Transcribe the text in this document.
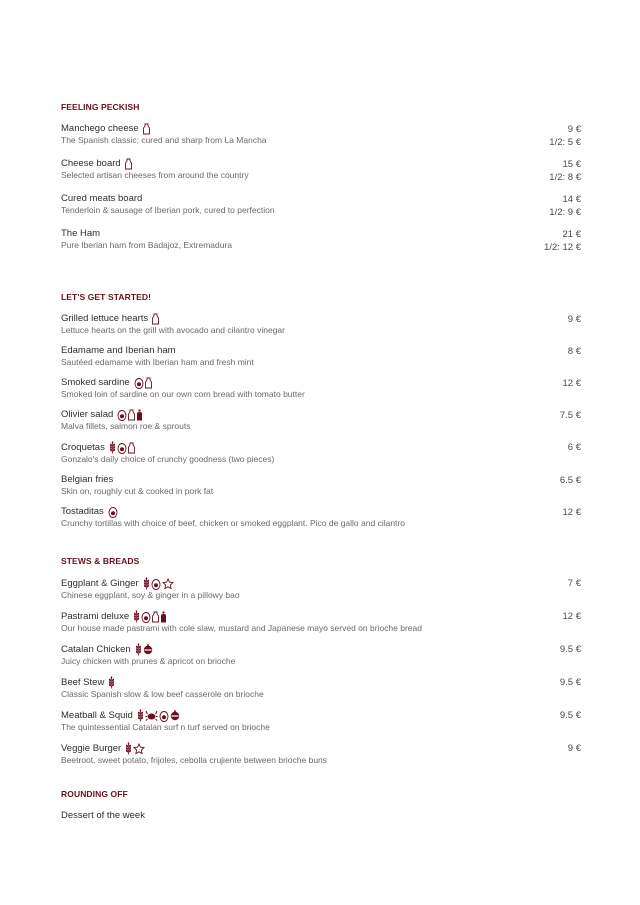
FEELING PECKISH
Manchego cheese
The Spanish classic; cured and sharp from La Mancha
9 €
1/2: 5 €
Cheese board
Selected artisan cheeses from around the country
15 €
1/2: 8 €
Cured meats board
Tenderloin & sausage of Iberian pork, cured to perfection
14 €
1/2: 9 €
The Ham
Pure Iberian ham from Badajoz, Extremadura
21 €
1/2: 12 €
LET'S GET STARTED!
Grilled lettuce hearts
Lettuce hearts on the grill with avocado and cilantro vinegar
9 €
Edamame and Iberian ham
Sautéed edamame with Iberian ham and fresh mint
8 €
Smoked sardine
Smoked loin of sardine on our own corn bread with tomato butter
12 €
Olivier salad
Malva fillets, salmon roe & sprouts
7.5 €
Croquetas
Gonzalo's daily choice of crunchy goodness (two pieces)
6 €
Belgian fries
Skin on, roughly cut & cooked in pork fat
6.5 €
Tostaditas
Crunchy tortillas with choice of beef, chicken or smoked eggplant. Pico de gallo and cilantro
12 €
STEWS & BREADS
Eggplant & Ginger
Chinese eggplant, soy & ginger in a pillowy bao
7 €
Pastrami deluxe
Our house made pastrami with cole slaw, mustard and Japanese mayo served on brioche bread
12 €
Catalan Chicken
Juicy chicken with prunes & apricot on brioche
9.5 €
Beef Stew
Classic Spanish slow & low beef casserole on brioche
9.5 €
Meatball & Squid
The quintessential Catalan surf n turf served on brioche
9.5 €
Veggie Burger
Beetroot, sweet potato, frijoles, cebolla crujiente between brioche buns
9 €
ROUNDING OFF
Dessert of the week
